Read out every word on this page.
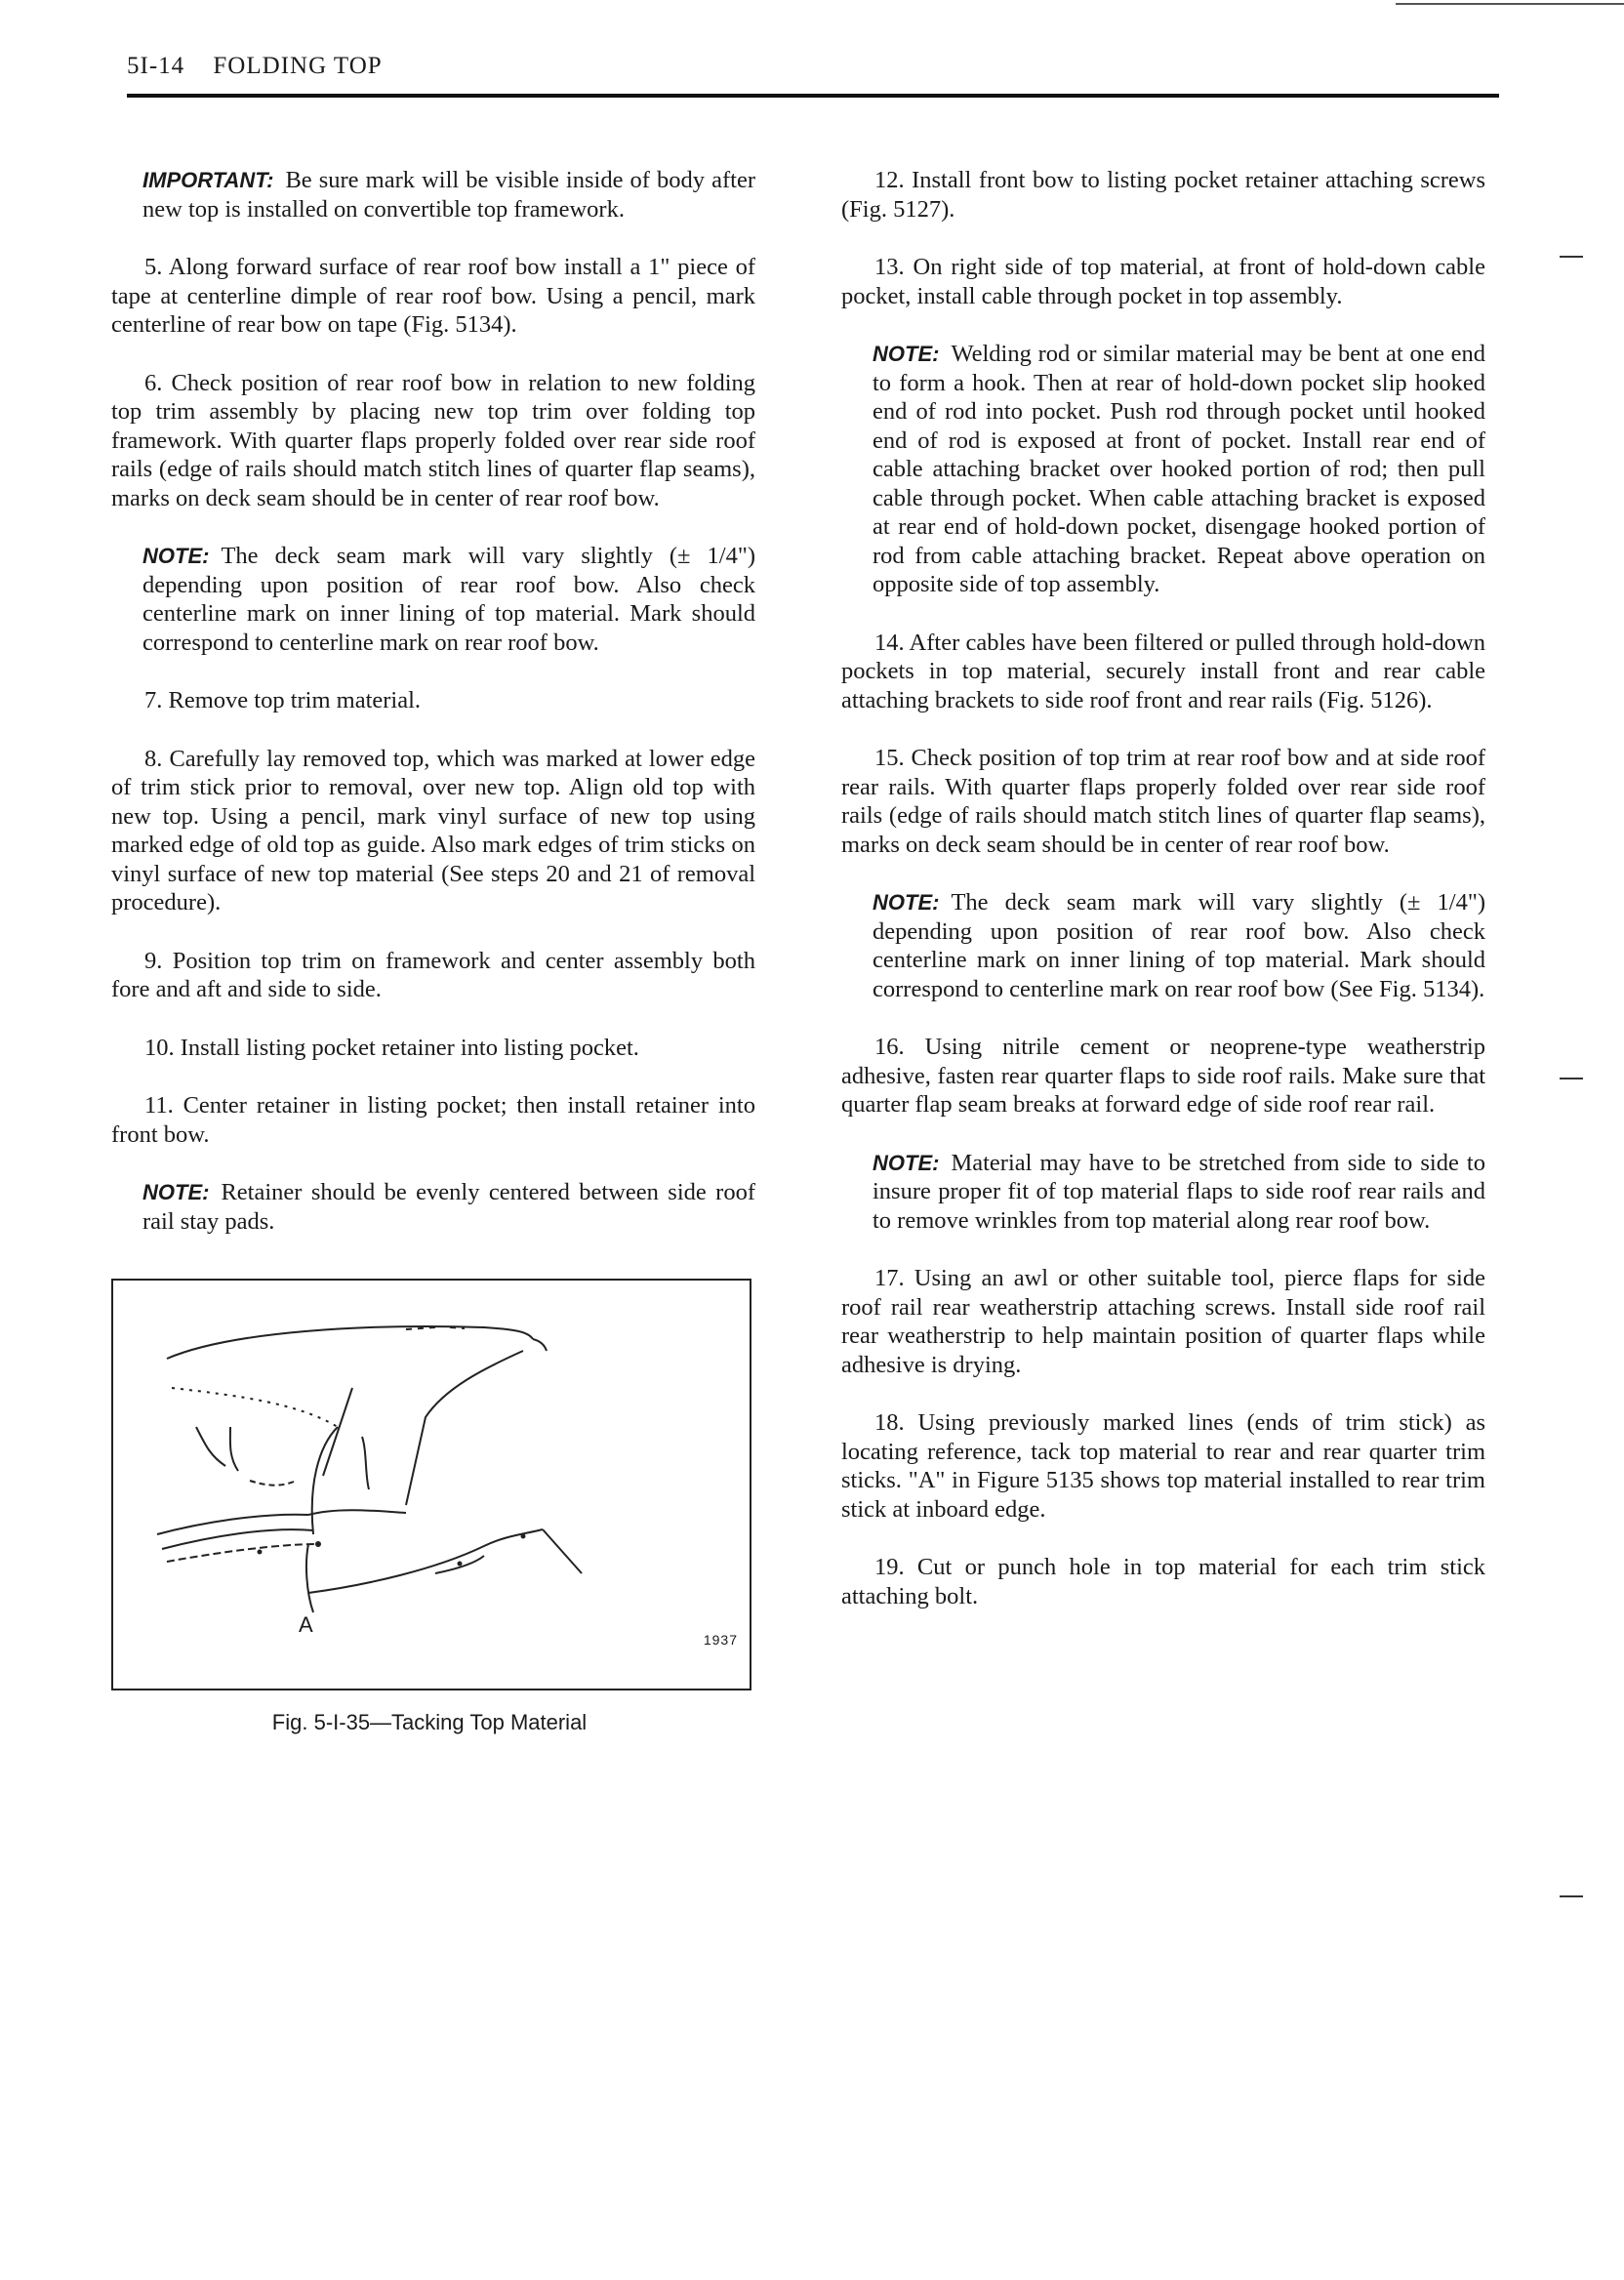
5I-14 FOLDING TOP

IMPORTANT: Be sure mark will be visible inside of body after new top is installed on convertible top framework.

5. Along forward surface of rear roof bow install a 1" piece of tape at centerline dimple of rear roof bow. Using a pencil, mark centerline of rear bow on tape (Fig. 5134).

6. Check position of rear roof bow in relation to new folding top trim assembly by placing new top trim over folding top framework. With quarter flaps properly folded over rear side roof rails (edge of rails should match stitch lines of quarter flap seams), marks on deck seam should be in center of rear roof bow.

NOTE: The deck seam mark will vary slightly (± 1/4") depending upon position of rear roof bow. Also check centerline mark on inner lining of top material. Mark should correspond to centerline mark on rear roof bow.

7. Remove top trim material.

8. Carefully lay removed top, which was marked at lower edge of trim stick prior to removal, over new top. Align old top with new top. Using a pencil, mark vinyl surface of new top using marked edge of old top as guide. Also mark edges of trim sticks on vinyl surface of new top material (See steps 20 and 21 of removal procedure).

9. Position top trim on framework and center assembly both fore and aft and side to side.

10. Install listing pocket retainer into listing pocket.

11. Center retainer in listing pocket; then install retainer into front bow.

NOTE: Retainer should be evenly centered between side roof rail stay pads.

A
1937
Fig. 5-I-35—Tacking Top Material

12. Install front bow to listing pocket retainer attaching screws (Fig. 5127).

13. On right side of top material, at front of hold-down cable pocket, install cable through pocket in top assembly.

NOTE: Welding rod or similar material may be bent at one end to form a hook. Then at rear of hold-down pocket slip hooked end of rod into pocket. Push rod through pocket until hooked end of rod is exposed at front of pocket. Install rear end of cable attaching bracket over hooked portion of rod; then pull cable through pocket. When cable attaching bracket is exposed at rear end of hold-down pocket, disengage hooked portion of rod from cable attaching bracket. Repeat above operation on opposite side of top assembly.

14. After cables have been filtered or pulled through hold-down pockets in top material, securely install front and rear cable attaching brackets to side roof front and rear rails (Fig. 5126).

15. Check position of top trim at rear roof bow and at side roof rear rails. With quarter flaps properly folded over rear side roof rails (edge of rails should match stitch lines of quarter flap seams), marks on deck seam should be in center of rear roof bow.

NOTE: The deck seam mark will vary slightly (± 1/4") depending upon position of rear roof bow. Also check centerline mark on inner lining of top material. Mark should correspond to centerline mark on rear roof bow (See Fig. 5134).

16. Using nitrile cement or neoprene-type weatherstrip adhesive, fasten rear quarter flaps to side roof rails. Make sure that quarter flap seam breaks at forward edge of side roof rear rail.

NOTE: Material may have to be stretched from side to side to insure proper fit of top material flaps to side roof rear rails and to remove wrinkles from top material along rear roof bow.

17. Using an awl or other suitable tool, pierce flaps for side roof rail rear weatherstrip attaching screws. Install side roof rail rear weatherstrip to help maintain position of quarter flaps while adhesive is drying.

18. Using previously marked lines (ends of trim stick) as locating reference, tack top material to rear and rear quarter trim sticks. "A" in Figure 5135 shows top material installed to rear trim stick at inboard edge.

19. Cut or punch hole in top material for each trim stick attaching bolt.
